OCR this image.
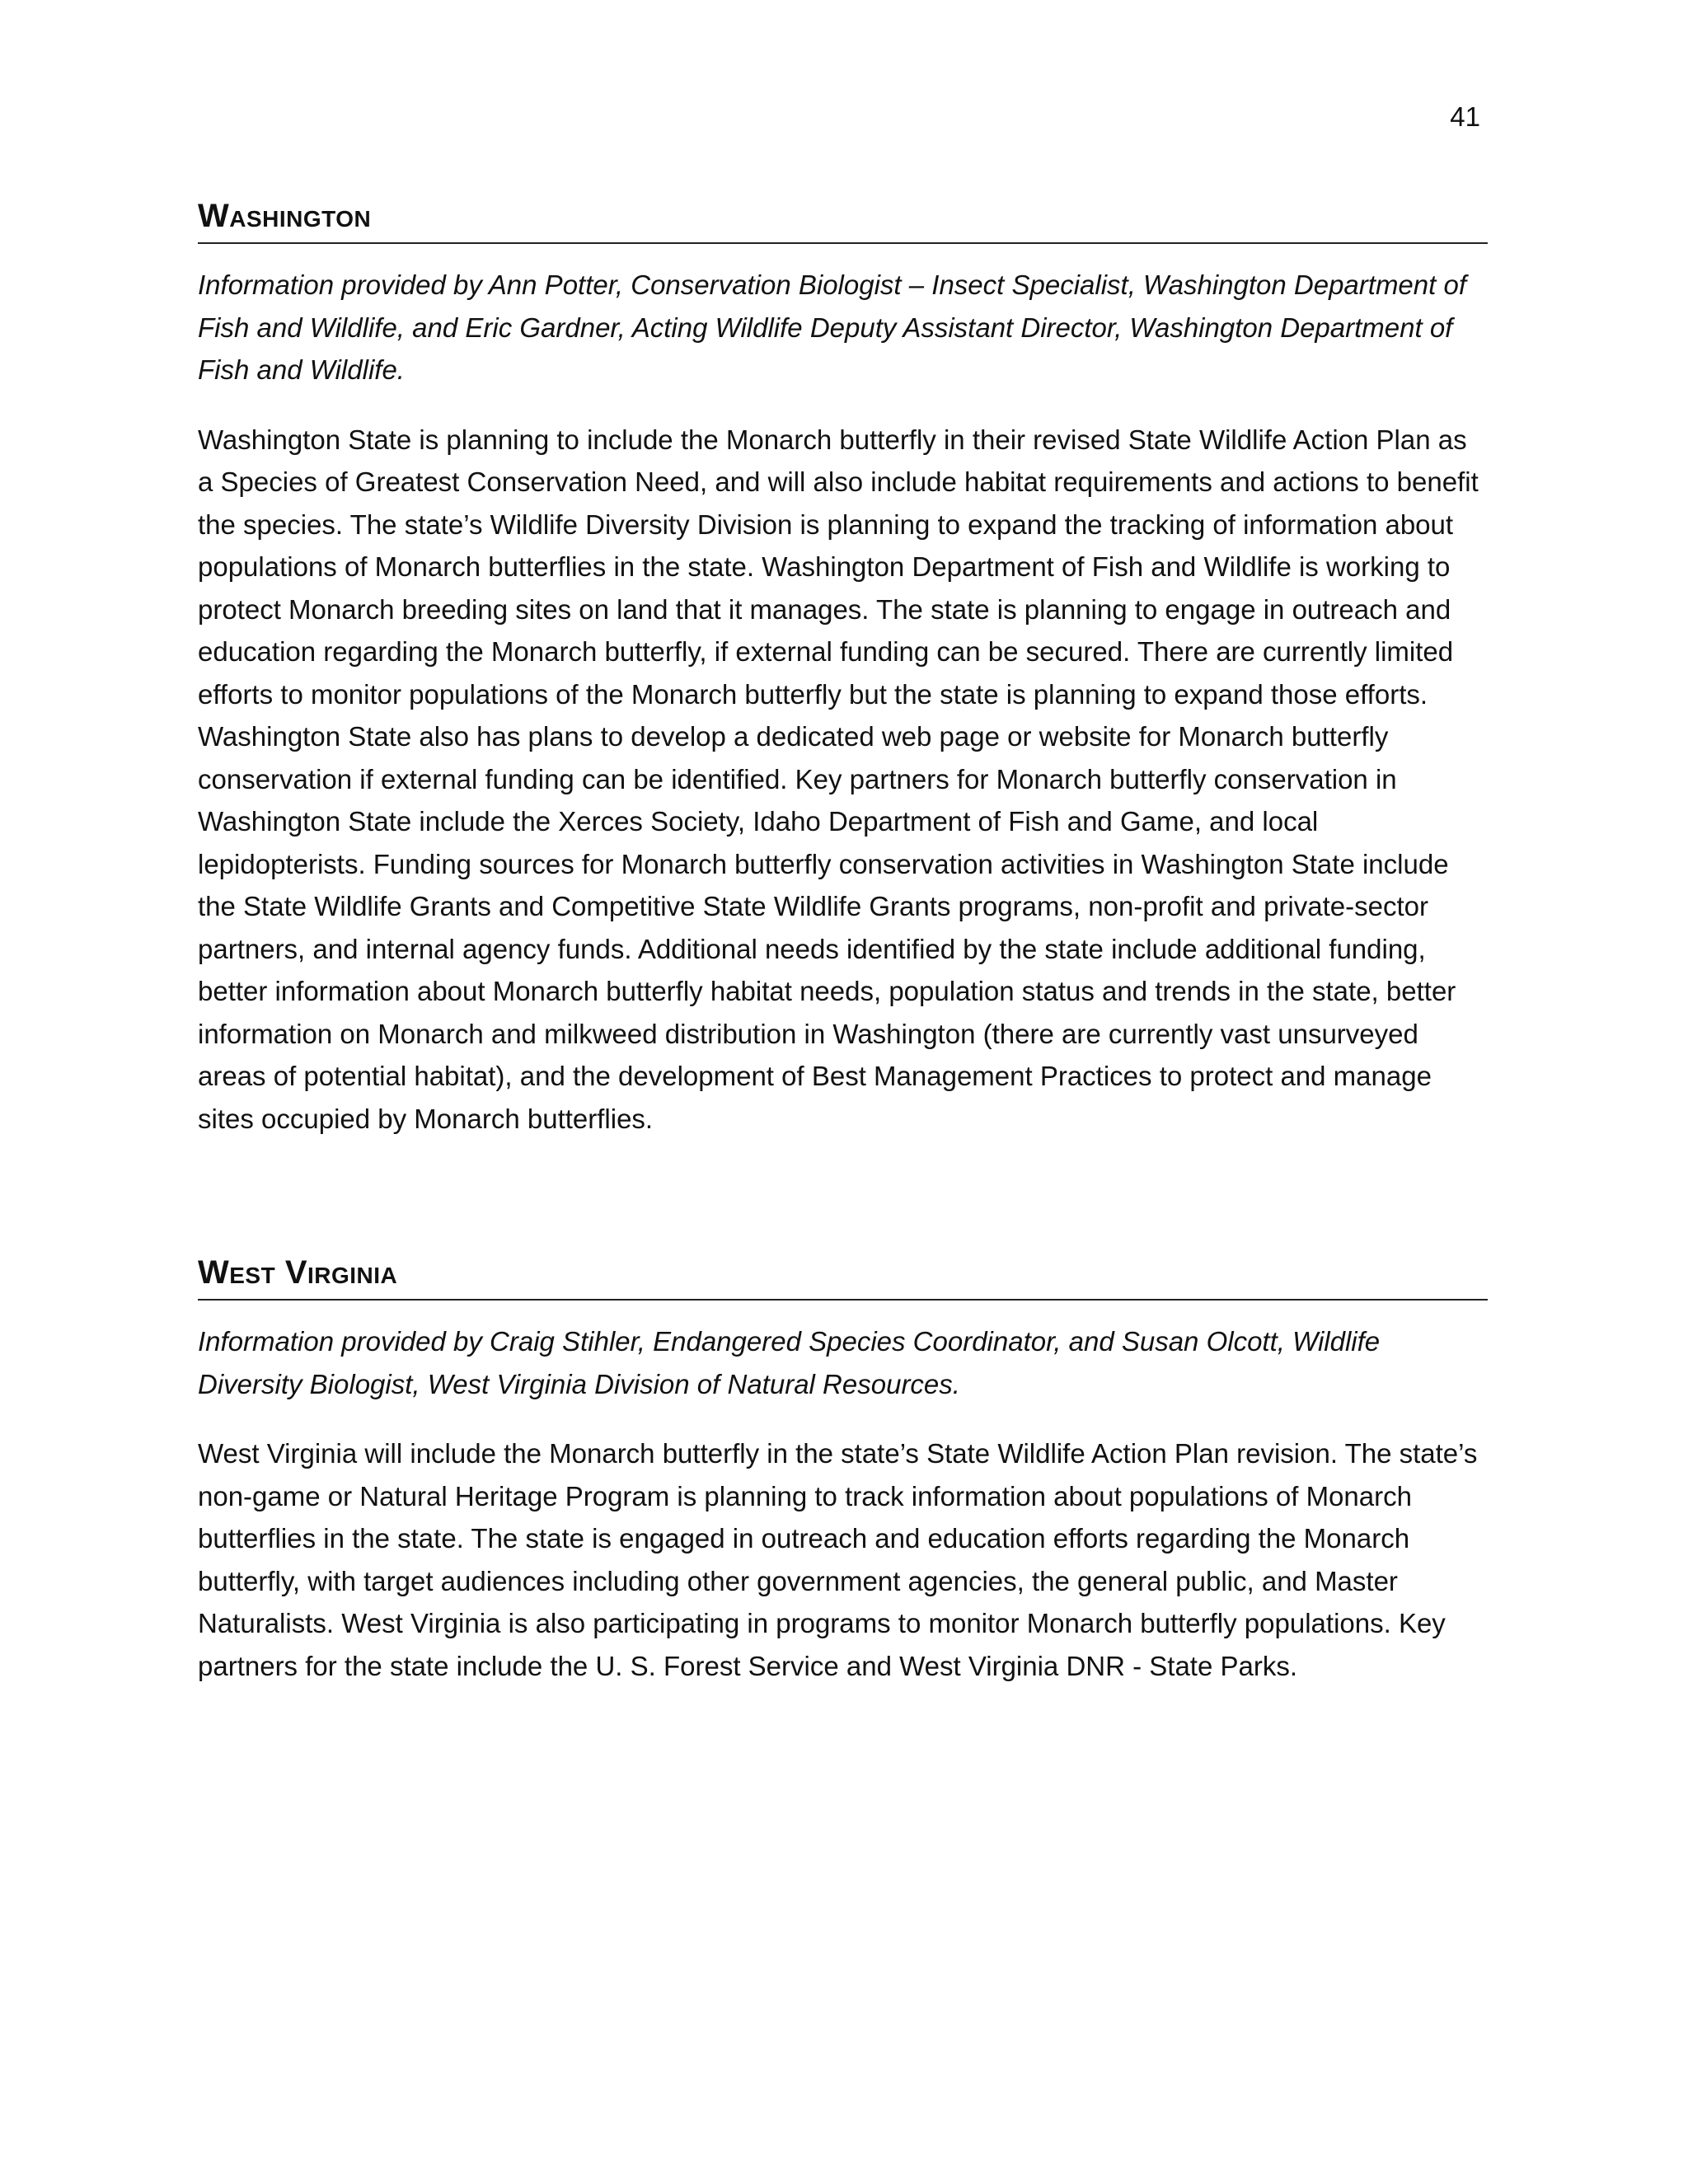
41
Washington

Information provided by Ann Potter, Conservation Biologist – Insect Specialist, Washington Department of Fish and Wildlife, and Eric Gardner, Acting Wildlife Deputy Assistant Director, Washington Department of Fish and Wildlife.

Washington State is planning to include the Monarch butterfly in their revised State Wildlife Action Plan as a Species of Greatest Conservation Need, and will also include habitat requirements and actions to benefit the species. The state’s Wildlife Diversity Division is planning to expand the tracking of information about populations of Monarch butterflies in the state. Washington Department of Fish and Wildlife is working to protect Monarch breeding sites on land that it manages. The state is planning to engage in outreach and education regarding the Monarch butterfly, if external funding can be secured. There are currently limited efforts to monitor populations of the Monarch butterfly but the state is planning to expand those efforts. Washington State also has plans to develop a dedicated web page or website for Monarch butterfly conservation if external funding can be identified. Key partners for Monarch butterfly conservation in Washington State include the Xerces Society, Idaho Department of Fish and Game, and local lepidopterists. Funding sources for Monarch butterfly conservation activities in Washington State include the State Wildlife Grants and Competitive State Wildlife Grants programs, non-profit and private-sector partners, and internal agency funds. Additional needs identified by the state include additional funding, better information about Monarch butterfly habitat needs, population status and trends in the state, better information on Monarch and milkweed distribution in Washington (there are currently vast unsurveyed areas of potential habitat), and the development of Best Management Practices to protect and manage sites occupied by Monarch butterflies.

West Virginia

Information provided by Craig Stihler, Endangered Species Coordinator, and Susan Olcott, Wildlife Diversity Biologist, West Virginia Division of Natural Resources.

West Virginia will include the Monarch butterfly in the state’s State Wildlife Action Plan revision. The state’s non-game or Natural Heritage Program is planning to track information about populations of Monarch butterflies in the state. The state is engaged in outreach and education efforts regarding the Monarch butterfly, with target audiences including other government agencies, the general public, and Master Naturalists. West Virginia is also participating in programs to monitor Monarch butterfly populations. Key partners for the state include the U. S. Forest Service and West Virginia DNR - State Parks.
